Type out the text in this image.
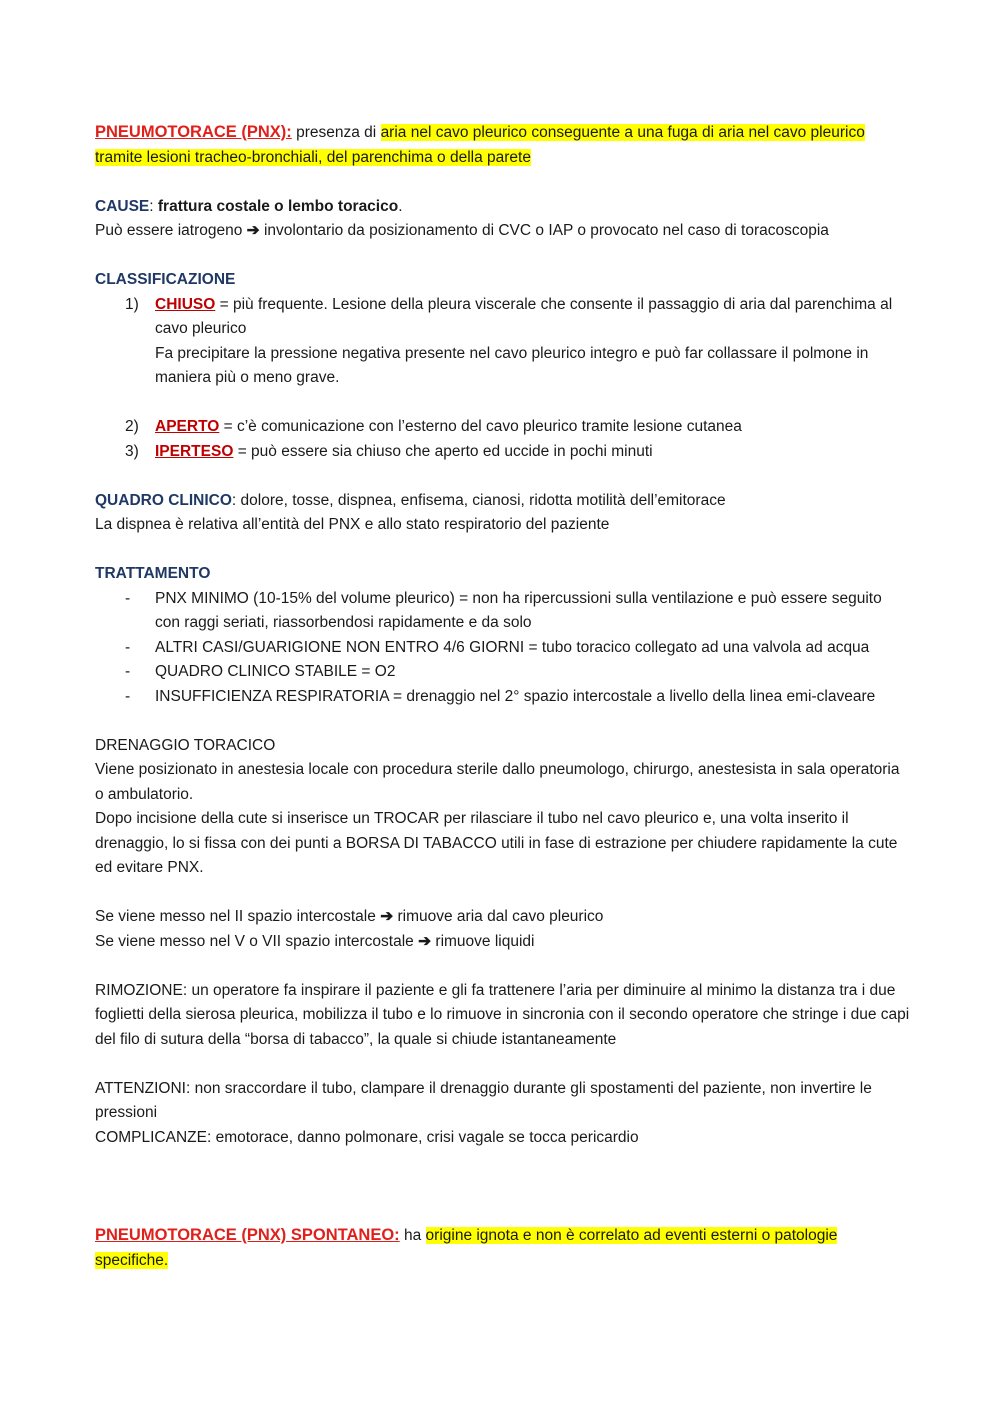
PNEUMOTORACE (PNX): presenza di aria nel cavo pleurico conseguente a una fuga di aria nel cavo pleurico tramite lesioni tracheo-bronchiali, del parenchima o della parete

CAUSE: frattura costale o lembo toracico.

Può essere iatrogeno ➔ involontario da posizionamento di CVC o IAP o provocato nel caso di toracoscopia

CLASSIFICAZIONE

1)	CHIUSO = più frequente. Lesione della pleura viscerale che consente il passaggio di aria dal parenchima al cavo pleurico

Fa precipitare la pressione negativa presente nel cavo pleurico integro e può far collassare il polmone in maniera più o meno grave.

2)	APERTO = c’è comunicazione con l’esterno del cavo pleurico tramite lesione cutanea
3)	IPERTESO = può essere sia chiuso che aperto ed uccide in pochi minuti

QUADRO CLINICO: dolore, tosse, dispnea, enfisema, cianosi, ridotta motilità dell’emitorace

La dispnea è relativa all’entità del PNX e allo stato respiratorio del paziente

TRATTAMENTO

-	PNX MINIMO (10-15% del volume pleurico) = non ha ripercussioni sulla ventilazione e può essere seguito con raggi seriati, riassorbendosi rapidamente e da solo
-	ALTRI CASI/GUARIGIONE NON ENTRO 4/6 GIORNI = tubo toracico collegato ad una valvola ad acqua
-	QUADRO CLINICO STABILE = O2
-	INSUFFICIENZA RESPIRATORIA = drenaggio nel 2° spazio intercostale a livello della linea emi-claveare

DRENAGGIO TORACICO

Viene posizionato in anestesia locale con procedura sterile dallo pneumologo, chirurgo, anestesista in sala operatoria o ambulatorio.

Dopo incisione della cute si inserisce un TROCAR per rilasciare il tubo nel cavo pleurico e, una volta inserito il drenaggio, lo si fissa con dei punti a BORSA DI TABACCO utili in fase di estrazione per chiudere rapidamente la cute ed evitare PNX.

Se viene messo nel II spazio intercostale ➔ rimuove aria dal cavo pleurico

Se viene messo nel V o VII spazio intercostale ➔ rimuove liquidi

RIMOZIONE: un operatore fa inspirare il paziente e gli fa trattenere l’aria per diminuire al minimo la distanza tra i due foglietti della sierosa pleurica, mobilizza il tubo e lo rimuove in sincronia con il secondo operatore che stringe i due capi del filo di sutura della “borsa di tabacco”, la quale si chiude istantaneamente

ATTENZIONI: non sraccordare il tubo, clampare il drenaggio durante gli spostamenti del paziente, non invertire le pressioni

COMPLICANZE: emotorace, danno polmonare, crisi vagale se tocca pericardio

PNEUMOTORACE (PNX) SPONTANEO: ha origine ignota e non è correlato ad eventi esterni o patologie specifiche.
